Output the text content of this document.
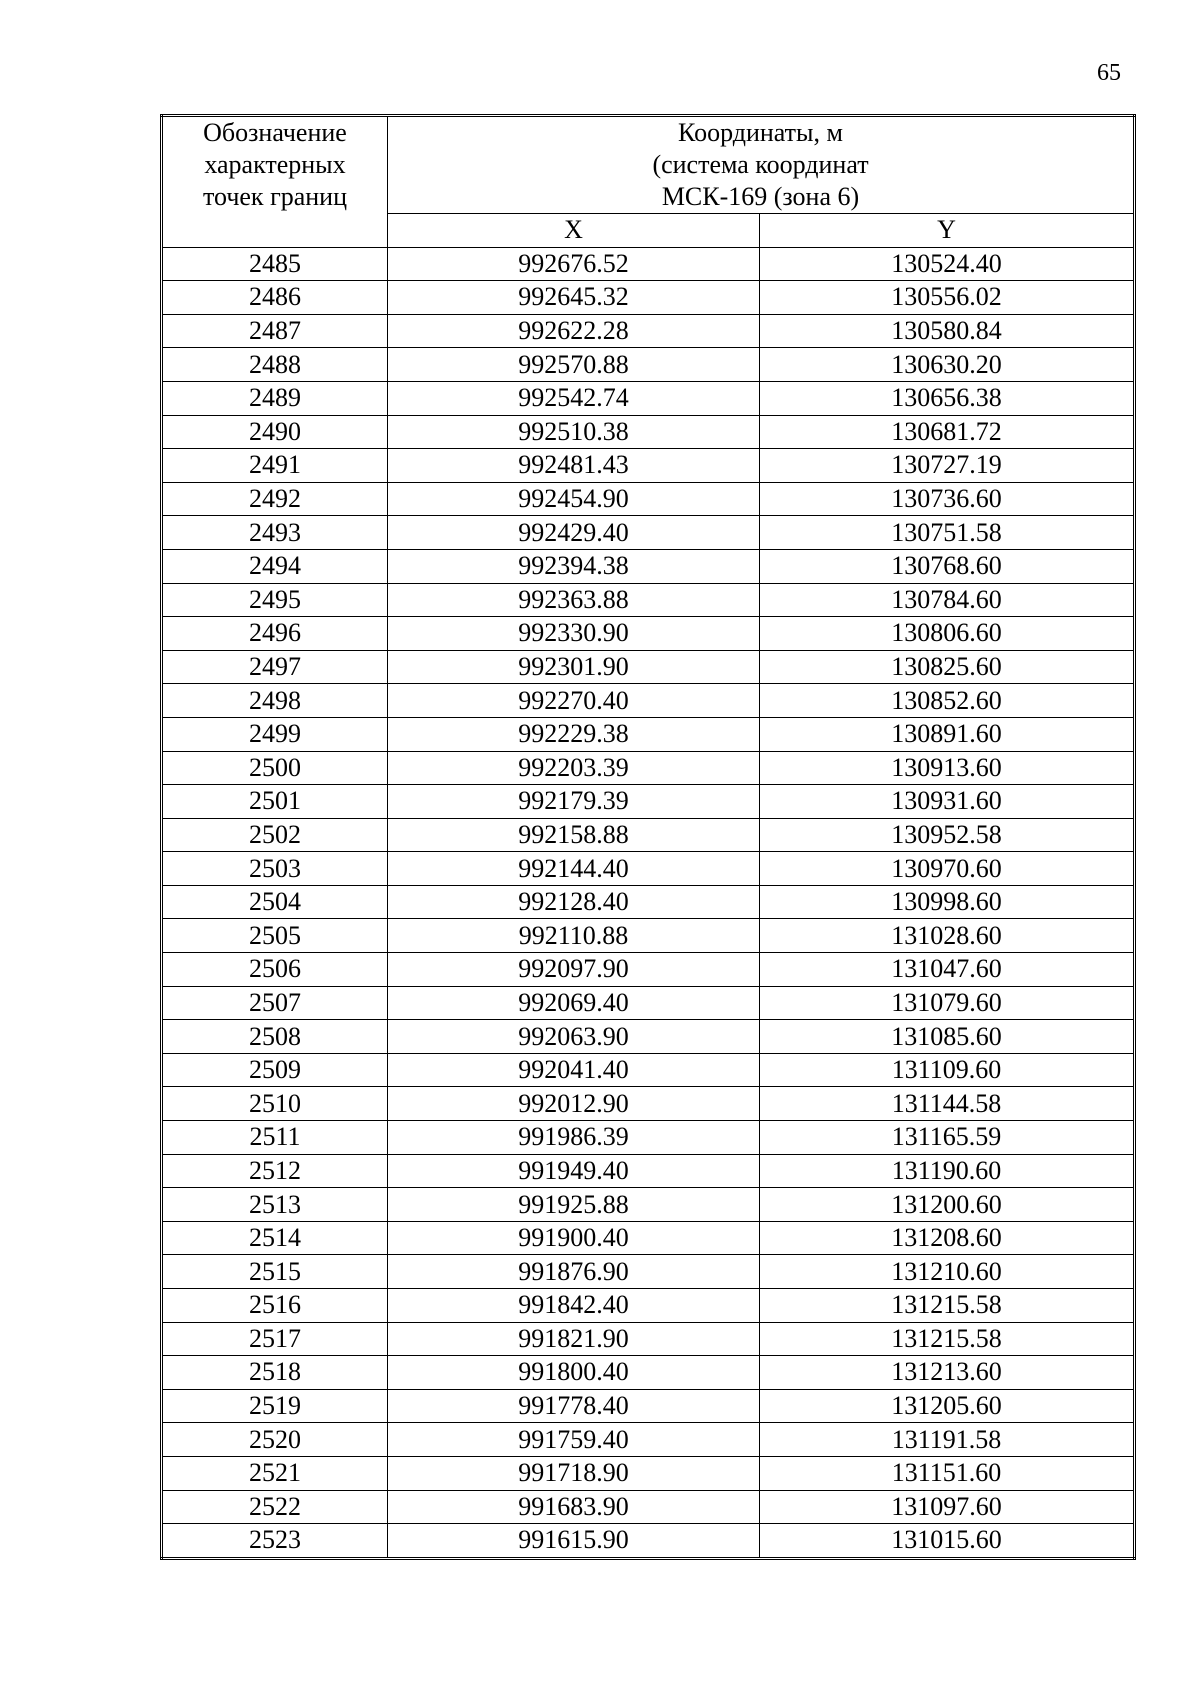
65
Обозначение
характерных
точек границ	Координаты, м
(система координат
МСК-169 (зона 6)	

	X	Y
2485	992676.52	130524.40
2486	992645.32	130556.02
2487	992622.28	130580.84
2488	992570.88	130630.20
2489	992542.74	130656.38
2490	992510.38	130681.72
2491	992481.43	130727.19
2492	992454.90	130736.60
2493	992429.40	130751.58
2494	992394.38	130768.60
2495	992363.88	130784.60
2496	992330.90	130806.60
2497	992301.90	130825.60
2498	992270.40	130852.60
2499	992229.38	130891.60
2500	992203.39	130913.60
2501	992179.39	130931.60
2502	992158.88	130952.58
2503	992144.40	130970.60
2504	992128.40	130998.60
2505	992110.88	131028.60
2506	992097.90	131047.60
2507	992069.40	131079.60
2508	992063.90	131085.60
2509	992041.40	131109.60
2510	992012.90	131144.58
2511	991986.39	131165.59
2512	991949.40	131190.60
2513	991925.88	131200.60
2514	991900.40	131208.60
2515	991876.90	131210.60
2516	991842.40	131215.58
2517	991821.90	131215.58
2518	991800.40	131213.60
2519	991778.40	131205.60
2520	991759.40	131191.58
2521	991718.90	131151.60
2522	991683.90	131097.60
2523	991615.90	131015.60
